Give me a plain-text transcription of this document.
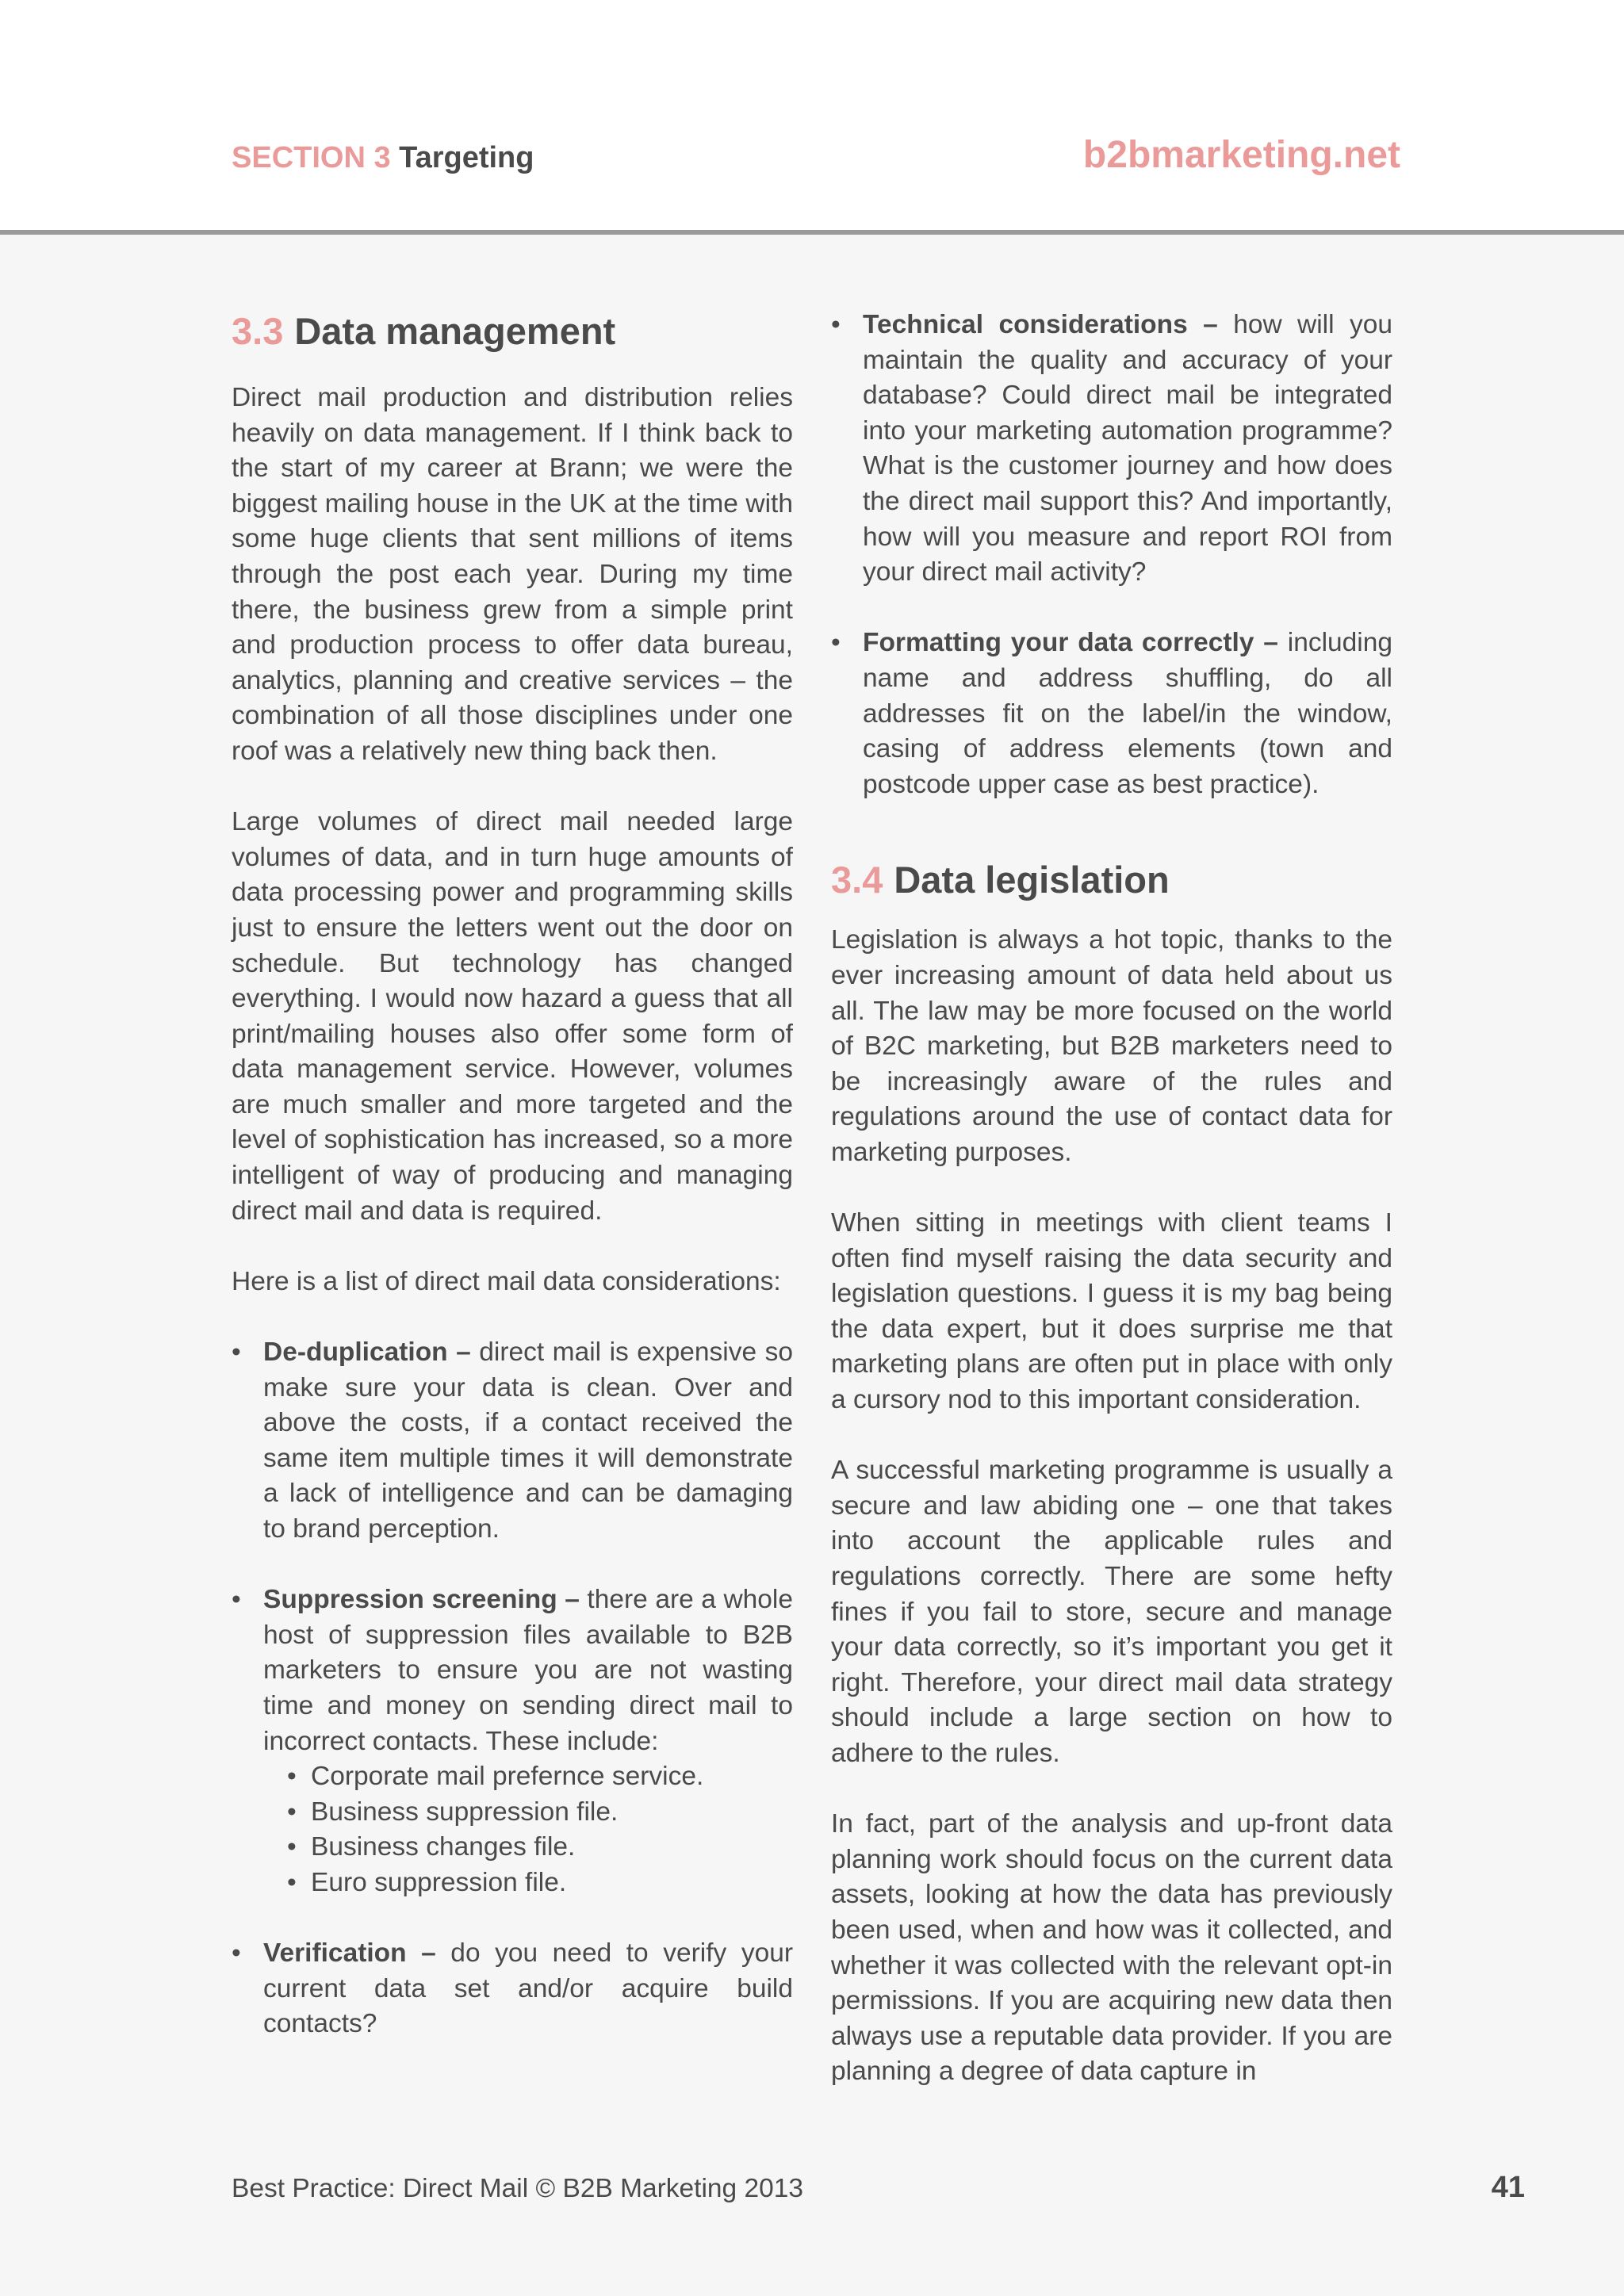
SECTION 3 Targeting	b2bmarketing.net
3.3 Data management

Direct mail production and distribution relies heavily on data management. If I think back to the start of my career at Brann; we were the biggest mailing house in the UK at the time with some huge clients that sent millions of items through the post each year. During my time there, the business grew from a simple print and production process to offer data bureau, analytics, planning and creative services – the combination of all those disciplines under one roof was a relatively new thing back then.

Large volumes of direct mail needed large volumes of data, and in turn huge amounts of data processing power and programming skills just to ensure the letters went out the door on schedule. But technology has changed everything. I would now hazard a guess that all print/mailing houses also offer some form of data management service. However, volumes are much smaller and more targeted and the level of sophistication has increased, so a more intelligent of way of producing and managing direct mail and data is required.

Here is a list of direct mail data considerations:

• De-duplication – direct mail is expensive so make sure your data is clean. Over and above the costs, if a contact received the same item multiple times it will demonstrate a lack of intelligence and can be damaging to brand perception.
• Suppression screening – there are a whole host of suppression files available to B2B marketers to ensure you are not wasting time and money on sending direct mail to incorrect contacts. These include:
• Corporate mail prefernce service.
• Business suppression file.
• Business changes file.
• Euro suppression file.
• Verification – do you need to verify your current data set and/or acquire build contacts?
• Technical considerations – how will you maintain the quality and accuracy of your database? Could direct mail be integrated into your marketing automation programme? What is the customer journey and how does the direct mail support this? And importantly, how will you measure and report ROI from your direct mail activity?
• Formatting your data correctly – including name and address shuffling, do all addresses fit on the label/in the window, casing of address elements (town and postcode upper case as best practice).
3.4 Data legislation

Legislation is always a hot topic, thanks to the ever increasing amount of data held about us all. The law may be more focused on the world of B2C marketing, but B2B marketers need to be increasingly aware of the rules and regulations around the use of contact data for marketing purposes.

When sitting in meetings with client teams I often find myself raising the data security and legislation questions. I guess it is my bag being the data expert, but it does surprise me that marketing plans are often put in place with only a cursory nod to this important consideration.

A successful marketing programme is usually a secure and law abiding one – one that takes into account the applicable rules and regulations correctly. There are some hefty fines if you fail to store, secure and manage your data correctly, so it’s important you get it right. Therefore, your direct mail data strategy should include a large section on how to adhere to the rules.

In fact, part of the analysis and up-front data planning work should focus on the current data assets, looking at how the data has previously been used, when and how was it collected, and whether it was collected with the relevant opt-in permissions. If you are acquiring new data then always use a reputable data provider. If you are planning a degree of data capture in

Best Practice: Direct Mail © B2B Marketing 2013	41
